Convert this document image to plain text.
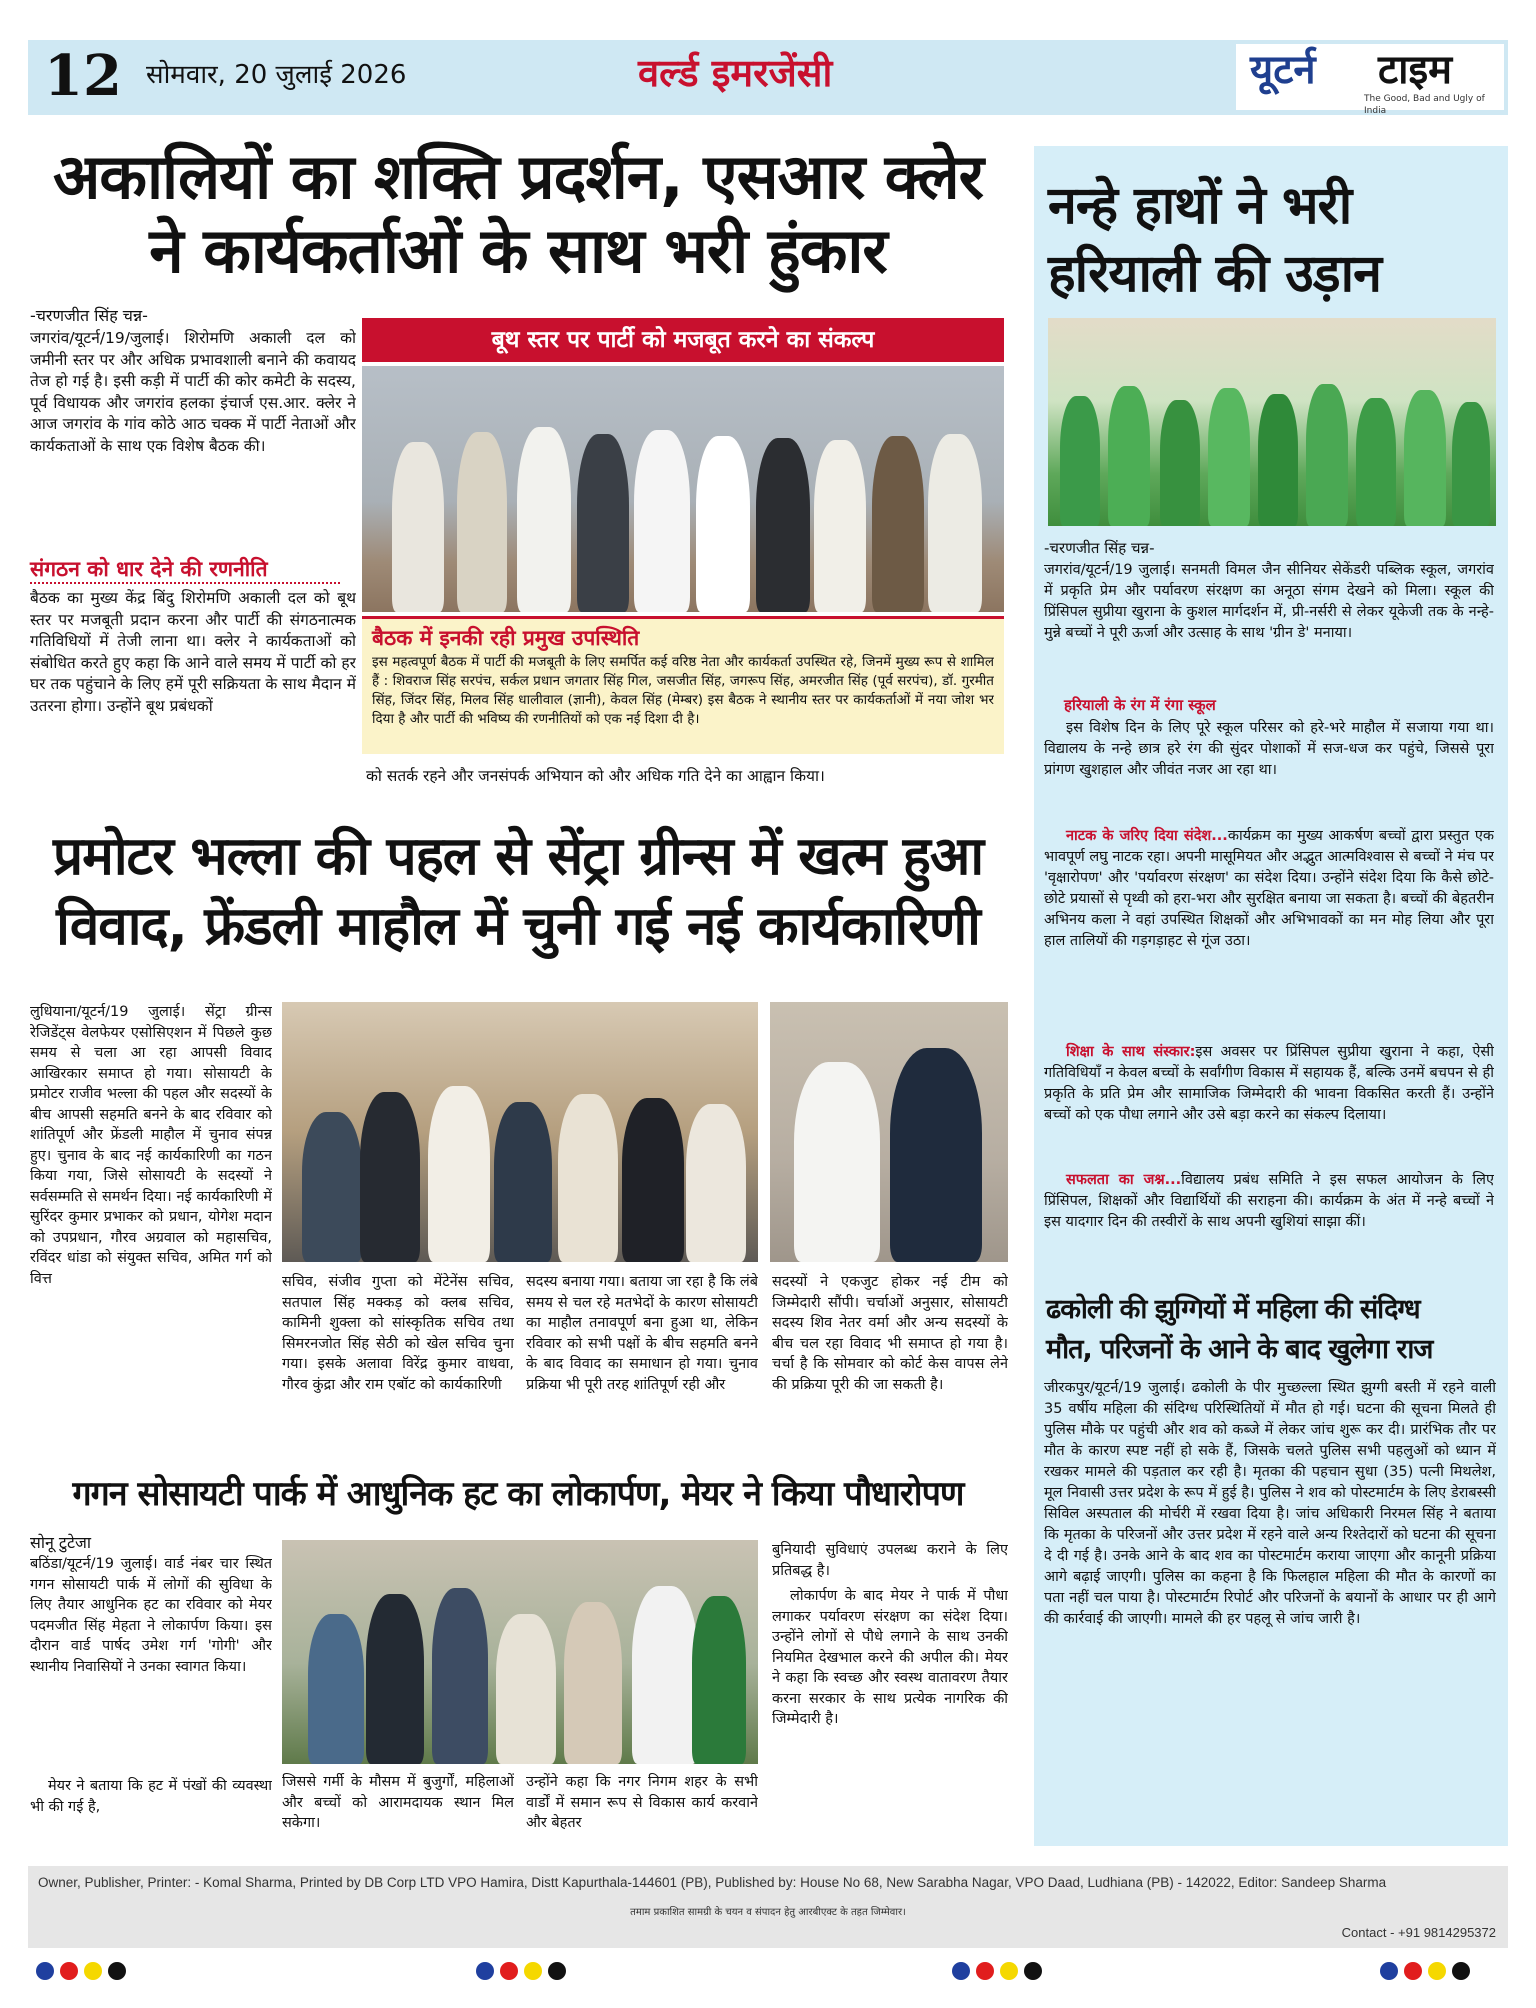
12 सोमवार, 20 जुलाई 2026	वर्ल्ड इमरजेंसी	यूटर्न टाइम
The Good, Bad and Ugly of India
अकालियों का शक्ति प्रदर्शन, एसआर क्लेर
ने कार्यकर्ताओं के साथ भरी हुंकार
-चरणजीत सिंह चन्न-
जगरांव/यूटर्न/19/जुलाई। शिरोमणि अकाली दल को जमीनी स्तर पर और अधिक प्रभावशाली बनाने की कवायद तेज हो गई है। इसी कड़ी में पार्टी की कोर कमेटी के सदस्य, पूर्व विधायक और जगरांव हलका इंचार्ज एस.आर. क्लेर ने आज जगरांव के गांव कोठे आठ चक्क में पार्टी नेताओं और कार्यकताओं के साथ एक विशेष बैठक की।
संगठन को धार देने की रणनीति
बैठक का मुख्य केंद्र बिंदु शिरोमणि अकाली दल को बूथ स्तर पर मजबूती प्रदान करना और पार्टी की संगठनात्मक गतिविधियों में तेजी लाना था। क्लेर ने कार्यकताओं को संबोधित करते हुए कहा कि आने वाले समय में पार्टी को हर घर तक पहुंचाने के लिए हमें पूरी सक्रियता के साथ मैदान में उतरना होगा। उन्होंने बूथ प्रबंधकों
बूथ स्तर पर पार्टी को मजबूत करने का संकल्प
बैठक में इनकी रही प्रमुख उपस्थिति
इस महत्वपूर्ण बैठक में पार्टी की मजबूती के लिए समर्पित कई वरिष्ठ नेता और कार्यकर्ता उपस्थित रहे, जिनमें मुख्य रूप से शामिल हैं : शिवराज सिंह सरपंच, सर्कल प्रधान जगतार सिंह गिल, जसजीत सिंह, जगरूप सिंह, अमरजीत सिंह (पूर्व सरपंच), डॉ. गुरमीत सिंह, जिंदर सिंह, मिलव सिंह धालीवाल (ज्ञानी), केवल सिंह (मेम्बर) इस बैठक ने स्थानीय स्तर पर कार्यकर्ताओं में नया जोश भर दिया है और पार्टी की भविष्य की रणनीतियों को एक नई दिशा दी है।
को सतर्क रहने और जनसंपर्क अभियान को और अधिक गति देने का आह्वान किया।
प्रमोटर भल्ला की पहल से सेंट्रा ग्रीन्स में खत्म हुआ
विवाद, फ्रेंडली माहौल में चुनी गई नई कार्यकारिणी
लुधियाना/यूटर्न/19 जुलाई। सेंट्रा ग्रीन्स रेजिडेंट्स वेलफेयर एसोसिएशन में पिछले कुछ समय से चला आ रहा आपसी विवाद आखिरकार समाप्त हो गया। सोसायटी के प्रमोटर राजीव भल्ला की पहल और सदस्यों के बीच आपसी सहमति बनने के बाद रविवार को शांतिपूर्ण और फ्रेंडली माहौल में चुनाव संपन्न हुए। चुनाव के बाद नई कार्यकारिणी का गठन किया गया, जिसे सोसायटी के सदस्यों ने सर्वसम्मति से समर्थन दिया। नई कार्यकारिणी में सुरिंदर कुमार प्रभाकर को प्रधान, योगेश मदान को उपप्रधान, गौरव अग्रवाल को महासचिव, रविंदर धांडा को संयुक्त सचिव, अमित गर्ग को वित्त	सचिव, संजीव गुप्ता को मेंटेनेंस सचिव, सतपाल सिंह मक्कड़ को क्लब सचिव, कामिनी शुक्ला को सांस्कृतिक सचिव तथा सिमरनजोत सिंह सेठी को खेल सचिव चुना गया। इसके अलावा विरेंद्र कुमार वाधवा, गौरव कुंद्रा और राम एबॉट को कार्यकारिणी
सदस्य बनाया गया। बताया जा रहा है कि लंबे समय से चल रहे मतभेदों के कारण सोसायटी का माहौल तनावपूर्ण बना हुआ था, लेकिन रविवार को सभी पक्षों के बीच सहमति बनने के बाद विवाद का समाधान हो गया। चुनाव प्रक्रिया भी पूरी तरह शांतिपूर्ण रही और
सदस्यों ने एकजुट होकर नई टीम को जिम्मेदारी सौंपी। चर्चाओं अनुसार, सोसायटी सदस्य शिव नेतर वर्मा और अन्य सदस्यों के बीच चल रहा विवाद भी समाप्त हो गया है। चर्चा है कि सोमवार को कोर्ट केस वापस लेने की प्रक्रिया पूरी की जा सकती है।
गगन सोसायटी पार्क में आधुनिक हट का लोकार्पण, मेयर ने किया पौधारोपण
सोनू टुटेजा
बठिंडा/यूटर्न/19 जुलाई। वार्ड नंबर चार स्थित गगन सोसायटी पार्क में लोगों की सुविधा के लिए तैयार आधुनिक हट का रविवार को मेयर पदमजीत सिंह मेहता ने लोकार्पण किया। इस दौरान वार्ड पार्षद उमेश गर्ग 'गोगी' और स्थानीय निवासियों ने उनका स्वागत किया।
मेयर ने बताया कि हट में पंखों की व्यवस्था भी की गई है,
जिससे गर्मी के मौसम में बुजुर्गों, महिलाओं और बच्चों को आरामदायक स्थान मिल सकेगा।
उन्होंने कहा कि नगर निगम शहर के सभी वार्डों में समान रूप से विकास कार्य करवाने और बेहतर
बुनियादी सुविधाएं उपलब्ध कराने के लिए प्रतिबद्ध है।
लोकार्पण के बाद मेयर ने पार्क में पौधा लगाकर पर्यावरण संरक्षण का संदेश दिया। उन्होंने लोगों से पौधे लगाने के साथ उनकी नियमित देखभाल करने की अपील की। मेयर ने कहा कि स्वच्छ और स्वस्थ वातावरण तैयार करना सरकार के साथ प्रत्येक नागरिक की जिम्मेदारी है।
नन्हे हाथों ने भरी
हरियाली की उड़ान
-चरणजीत सिंह चन्न-
जगरांव/यूटर्न/19 जुलाई। सनमती विमल जैन सीनियर सेकेंडरी पब्लिक स्कूल, जगरांव में प्रकृति प्रेम और पर्यावरण संरक्षण का अनूठा संगम देखने को मिला। स्कूल की प्रिंसिपल सुप्रीया खुराना के कुशल मार्गदर्शन में, प्री-नर्सरी से लेकर यूकेजी तक के नन्हे-मुन्ने बच्चों ने पूरी ऊर्जा और उत्साह के साथ 'ग्रीन डे' मनाया।
हरियाली के रंग में रंगा स्कूल
इस विशेष दिन के लिए पूरे स्कूल परिसर को हरे-भरे माहौल में सजाया गया था। विद्यालय के नन्हे छात्र हरे रंग की सुंदर पोशाकों में सज-धज कर पहुंचे, जिससे पूरा प्रांगण खुशहाल और जीवंत नजर आ रहा था।
नाटक के जरिए दिया संदेश...कार्यक्रम का मुख्य आकर्षण बच्चों द्वारा प्रस्तुत एक भावपूर्ण लघु नाटक रहा। अपनी मासूमियत और अद्भुत आत्मविश्वास से बच्चों ने मंच पर 'वृक्षारोपण' और 'पर्यावरण संरक्षण' का संदेश दिया। उन्होंने संदेश दिया कि कैसे छोटे-छोटे प्रयासों से पृथ्वी को हरा-भरा और सुरक्षित बनाया जा सकता है। बच्चों की बेहतरीन अभिनय कला ने वहां उपस्थित शिक्षकों और अभिभावकों का मन मोह लिया और पूरा हाल तालियों की गड़गड़ाहट से गूंज उठा।
शिक्षा के साथ संस्कार:इस अवसर पर प्रिंसिपल सुप्रीया खुराना ने कहा, ऐसी गतिविधियाँ न केवल बच्चों के सर्वांगीण विकास में सहायक हैं, बल्कि उनमें बचपन से ही प्रकृति के प्रति प्रेम और सामाजिक जिम्मेदारी की भावना विकसित करती हैं। उन्होंने बच्चों को एक पौधा लगाने और उसे बड़ा करने का संकल्प दिलाया।
सफलता का जश्न...विद्यालय प्रबंध समिति ने इस सफल आयोजन के लिए प्रिंसिपल, शिक्षकों और विद्यार्थियों की सराहना की। कार्यक्रम के अंत में नन्हे बच्चों ने इस यादगार दिन की तस्वीरों के साथ अपनी खुशियां साझा कीं।
ढकोली की झुग्गियों में महिला की संदिग्ध
मौत, परिजनों के आने के बाद खुलेगा राज
जीरकपुर/यूटर्न/19 जुलाई। ढकोली के पीर मुच्छल्ला स्थित झुग्गी बस्ती में रहने वाली 35 वर्षीय महिला की संदिग्ध परिस्थितियों में मौत हो गई। घटना की सूचना मिलते ही पुलिस मौके पर पहुंची और शव को कब्जे में लेकर जांच शुरू कर दी। प्रारंभिक तौर पर मौत के कारण स्पष्ट नहीं हो सके हैं, जिसके चलते पुलिस सभी पहलुओं को ध्यान में रखकर मामले की पड़ताल कर रही है। मृतका की पहचान सुधा (35) पत्नी मिथलेश, मूल निवासी उत्तर प्रदेश के रूप में हुई है। पुलिस ने शव को पोस्टमार्टम के लिए डेराबस्सी सिविल अस्पताल की मोर्चरी में रखवा दिया है। जांच अधिकारी निरमल सिंह ने बताया कि मृतका के परिजनों और उत्तर प्रदेश में रहने वाले अन्य रिश्तेदारों को घटना की सूचना दे दी गई है। उनके आने के बाद शव का पोस्टमार्टम कराया जाएगा और कानूनी प्रक्रिया आगे बढ़ाई जाएगी। पुलिस का कहना है कि फिलहाल महिला की मौत के कारणों का पता नहीं चल पाया है। पोस्टमार्टम रिपोर्ट और परिजनों के बयानों के आधार पर ही आगे की कार्रवाई की जाएगी। मामले की हर पहलू से जांच जारी है।
Owner, Publisher, Printer: - Komal Sharma, Printed by DB Corp LTD VPO Hamira, Distt Kapurthala-144601 (PB), Published by: House No 68, New Sarabha Nagar, VPO Daad, Ludhiana (PB) - 142022, Editor: Sandeep Sharma
तमाम प्रकाशित सामग्री के चयन व संपादन हेतु आरबीएक्ट के तहत जिम्मेवार।
Contact - +91 9814295372
